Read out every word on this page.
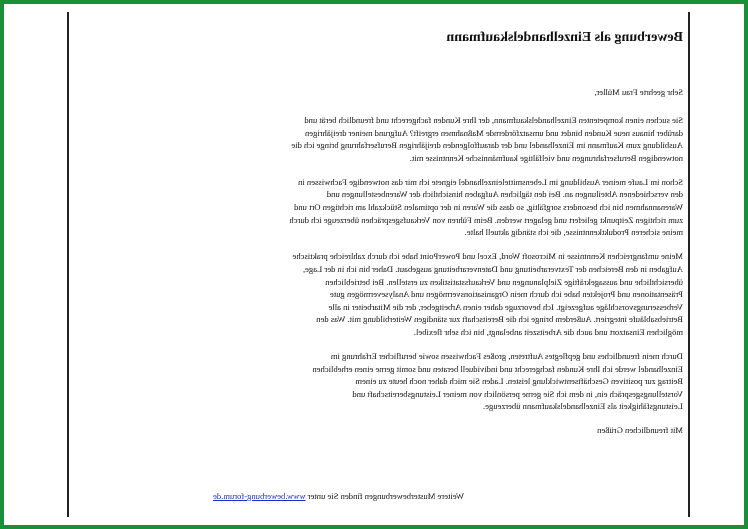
Bewerbung als Einzelhandelskaufmann
Sehr geehrte Frau Müller,

Sie suchen einen kompetenten Einzelhandelskaufmann, der Ihre Kunden fachgerecht und freundlich berät und
darüber hinaus neue Kunden bindet und umsatzfördernde Maßnahmen ergreift? Aufgrund meiner dreijährigen
Ausbildung zum Kaufmann im Einzelhandel und der darauffolgenden dreijährigen Berufserfahrung bringe ich die
notwendigen Berufserfahrungen und vielfältige kaufmännische Kenntnisse mit.

Schon im Laufe meiner Ausbildung im Lebensmitteleinzelhandel eignete ich mir das notwendige Fachwissen in
den verschiedenen Abteilungen an. Bei den täglichen Aufgaben hinsichtlich der Warenbestellungen und
Warenannahmen bin ich besonders sorgfältig, so dass die Waren in der optimalen Stückzahl am richtigen Ort und
zum richtigen Zeitpunkt geliefert und gelagert werden. Beim Führen von Verkaufsgesprächen überzeuge ich durch
meine sicheren Produktkenntnisse, die ich ständig aktuell halte.

Meine umfangreichen Kenntnisse in Microsoft Word, Excel und PowerPoint habe ich durch zahlreiche praktische
Aufgaben in den Bereichen der Textverarbeitung und Datenverarbeitung ausgebaut. Daher bin ich in der Lage,
übersichtliche und aussagekräftige Zielplanungen und Verkaufsstatistiken zu erstellen. Bei betrieblichen
Präsentationen und Projekten habe ich durch mein Organisationsvermögen und Analysevermögen gute
Verbesserungsvorschläge aufgezeigt. Ich bevorzuge daher einen Arbeitgeber, der die Mitarbeiter in alle
Betriebsabläufe integriert. Außerdem bringe ich die Bereitschaft zur ständigen Weiterbildung mit. Was den
möglichen Einsatzort und auch die Arbeitszeit anbelangt, bin ich sehr flexibel.

Durch mein freundliches und gepflegtes Auftreten, großes Fachwissen sowie beruflicher Erfahrung im
Einzelhandel werde ich Ihre Kunden fachgerecht und individuell beraten und somit gerne einen erheblichen
Beitrag zur positiven Geschäftsentwicklung leisten. Laden Sie mich daher noch heute zu einem
Vorstellungsgespräch ein, in dem ich Sie gerne persönlich von meiner Leistungsbereitschaft und
Leistungsfähigkeit als Einzelhandelskaufmann überzeuge.

Mit freundlichen Grüßen
Weitere Musterbewerbungen finden Sie unter www.bewerbung-forum.de
